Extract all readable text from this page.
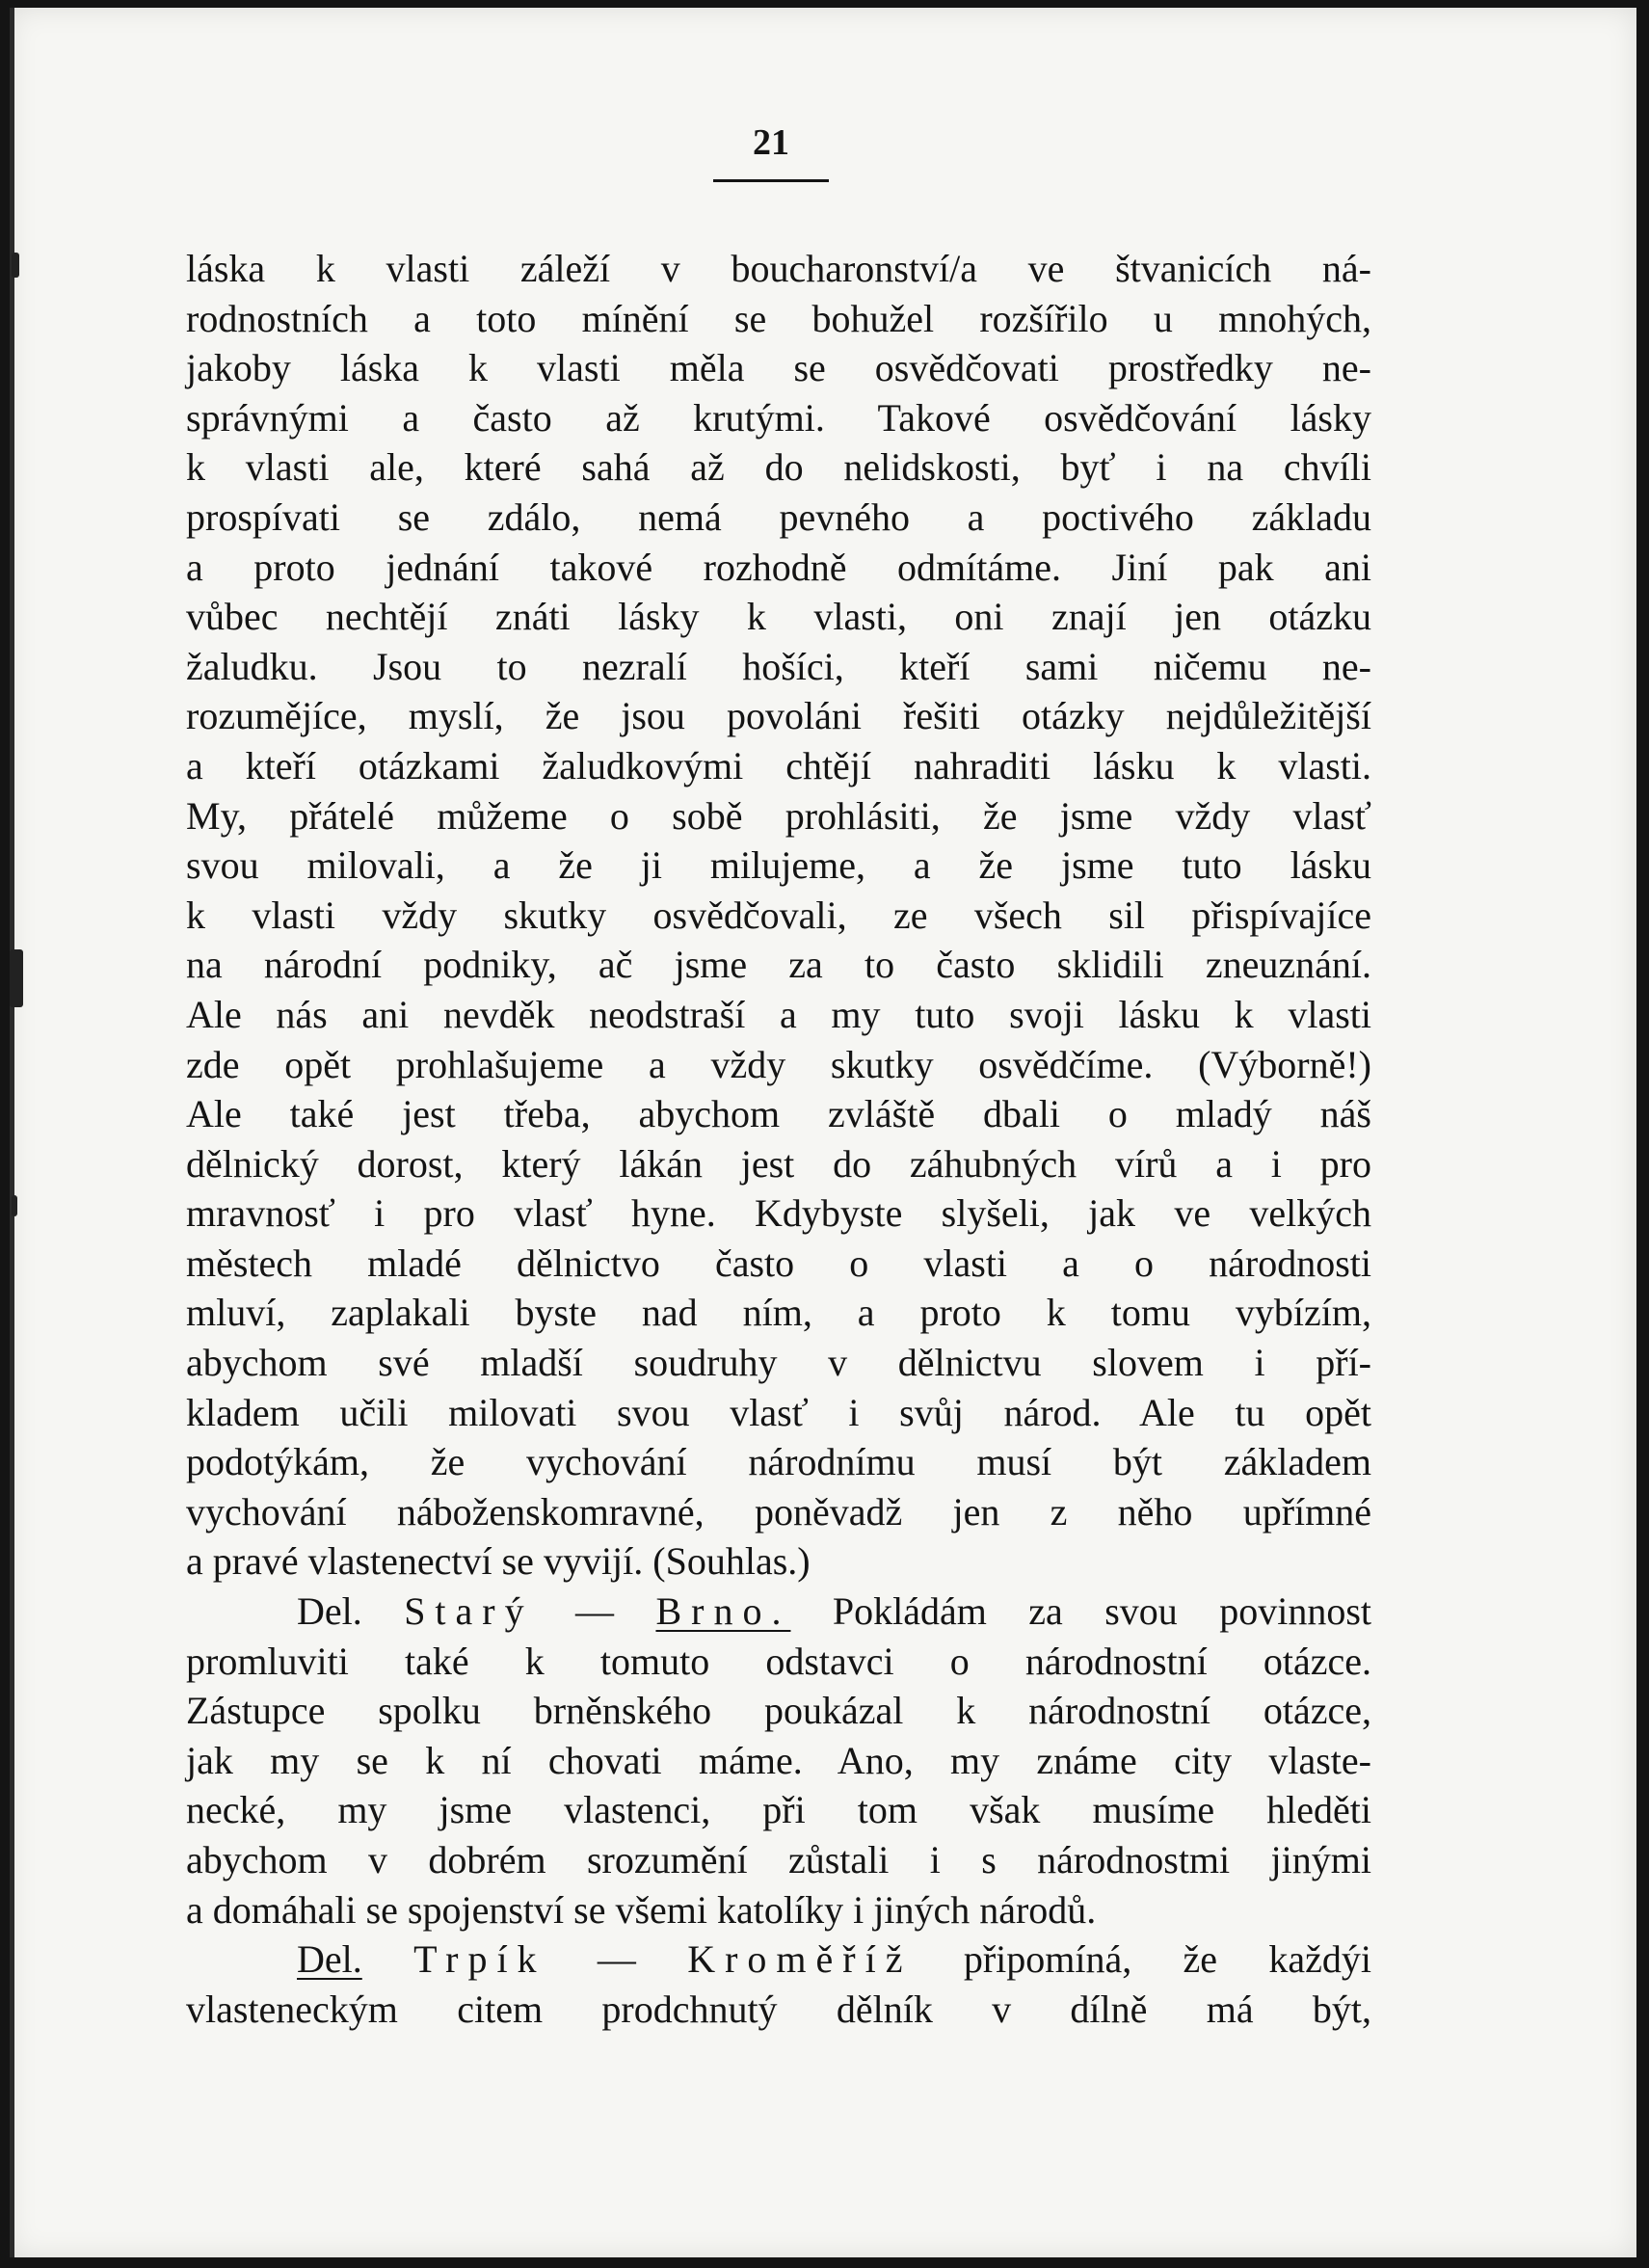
21
láska k vlasti záleží v boucharonství/a ve štvanicích ná-
rodnostních a toto mínění se bohužel rozšířilo u mnohých,
jakoby láska k vlasti měla se osvědčovati prostředky ne-
správnými a často až krutými. Takové osvědčování lásky
k vlasti ale, které sahá až do nelidskosti, byť i na chvíli
prospívati se zdálo, nemá pevného a poctivého základu
a proto jednání takové rozhodně odmítáme. Jiní pak ani
vůbec nechtějí znáti lásky k vlasti, oni znají jen otázku
žaludku. Jsou to nezralí hošíci, kteří sami ničemu ne-
rozumějíce, myslí, že jsou povoláni řešiti otázky nejdůležitější
a kteří otázkami žaludkovými chtějí nahraditi lásku k vlasti.
My, přátelé můžeme o sobě prohlásiti, že jsme vždy vlasť
svou milovali, a že ji milujeme, a že jsme tuto lásku
k vlasti vždy skutky osvědčovali, ze všech sil přispívajíce
na národní podniky, ač jsme za to často sklidili zneuznání.
Ale nás ani nevděk neodstraší a my tuto svoji lásku k vlasti
zde opět prohlašujeme a vždy skutky osvědčíme. (Výborně!)
Ale také jest třeba, abychom zvláště dbali o mladý náš
dělnický dorost, který lákán jest do záhubných vírů a i pro
mravnosť i pro vlasť hyne. Kdybyste slyšeli, jak ve velkých
městech mladé dělnictvo často o vlasti a o národnosti
mluví, zaplakali byste nad ním, a proto k tomu vybízím,
abychom své mladší soudruhy v dělnictvu slovem i pří-
kladem učili milovati svou vlasť i svůj národ. Ale tu opět
podotýkám, že vychování národnímu musí být základem
vychování náboženskomravné, poněvadž jen z něho upřímné
a pravé vlastenectví se vyvijí. (Souhlas.)
Del. Starý — Brno. Pokládám za svou povinnost
promluviti také k tomuto odstavci o národnostní otázce.
Zástupce spolku brněnského poukázal k národnostní otázce,
jak my se k ní chovati máme. Ano, my známe city vlaste-
necké, my jsme vlastenci, při tom však musíme hleděti
abychom v dobrém srozumění zůstali i s národnostmi jinými
a domáhali se spojenství se všemi katolíky i jiných národů.
Del. Trpík — Kroměříž připomíná, že každýi
vlasteneckým citem prodchnutý dělník v dílně má být,
